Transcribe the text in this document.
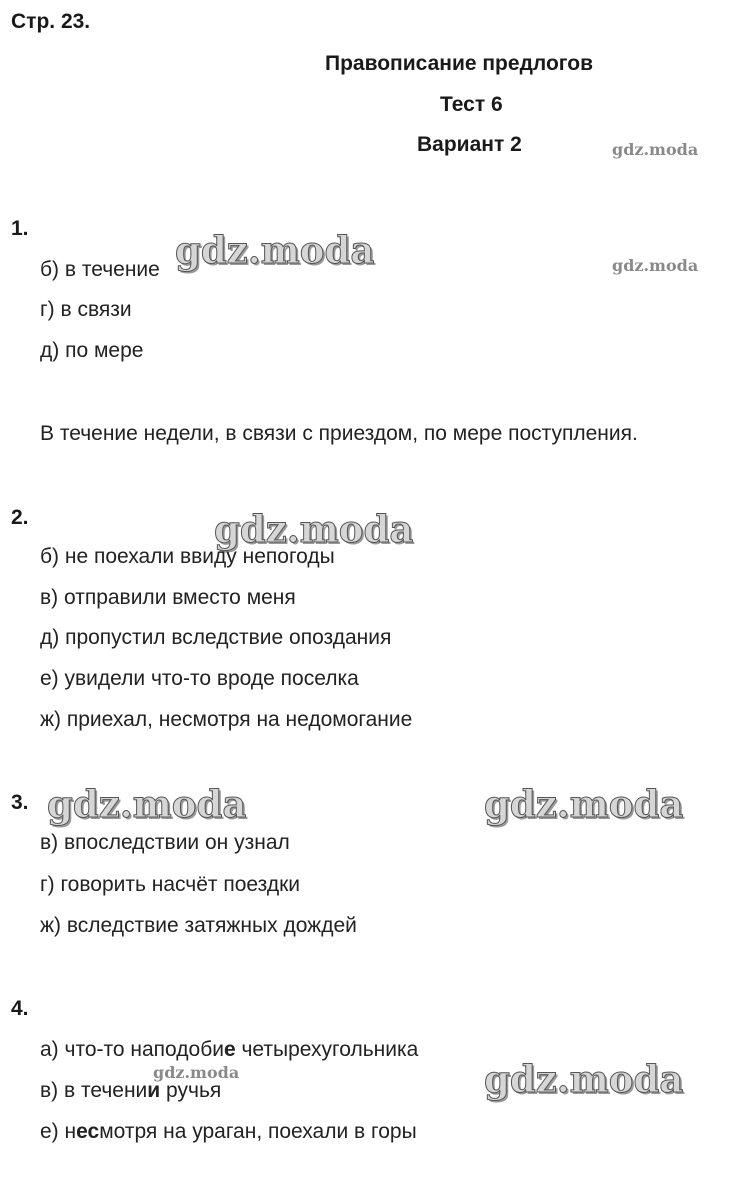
Стр. 23.
Правописание предлогов
Тест 6
Вариант 2	gdz.moda
gdz.moda
gdz.moda
gdz.moda
gdz.moda	gdz.moda
gdz.moda
gdz.moda
1.
б) в течение
г) в связи
д) по мере
В течение недели, в связи с приездом, по мере поступления.
2.
б) не поехали ввиду непогоды
в) отправили вместо меня
д) пропустил вследствие опоздания
е) увидели что-то вроде поселка
ж) приехал, несмотря на недомогание
3.
в) впоследствии он узнал
г) говорить насчёт поездки
ж) вследствие затяжных дождей
4.
а) что-то наподобие четырехугольника
в) в течении ручья
е) несмотря на ураган, поехали в горы
